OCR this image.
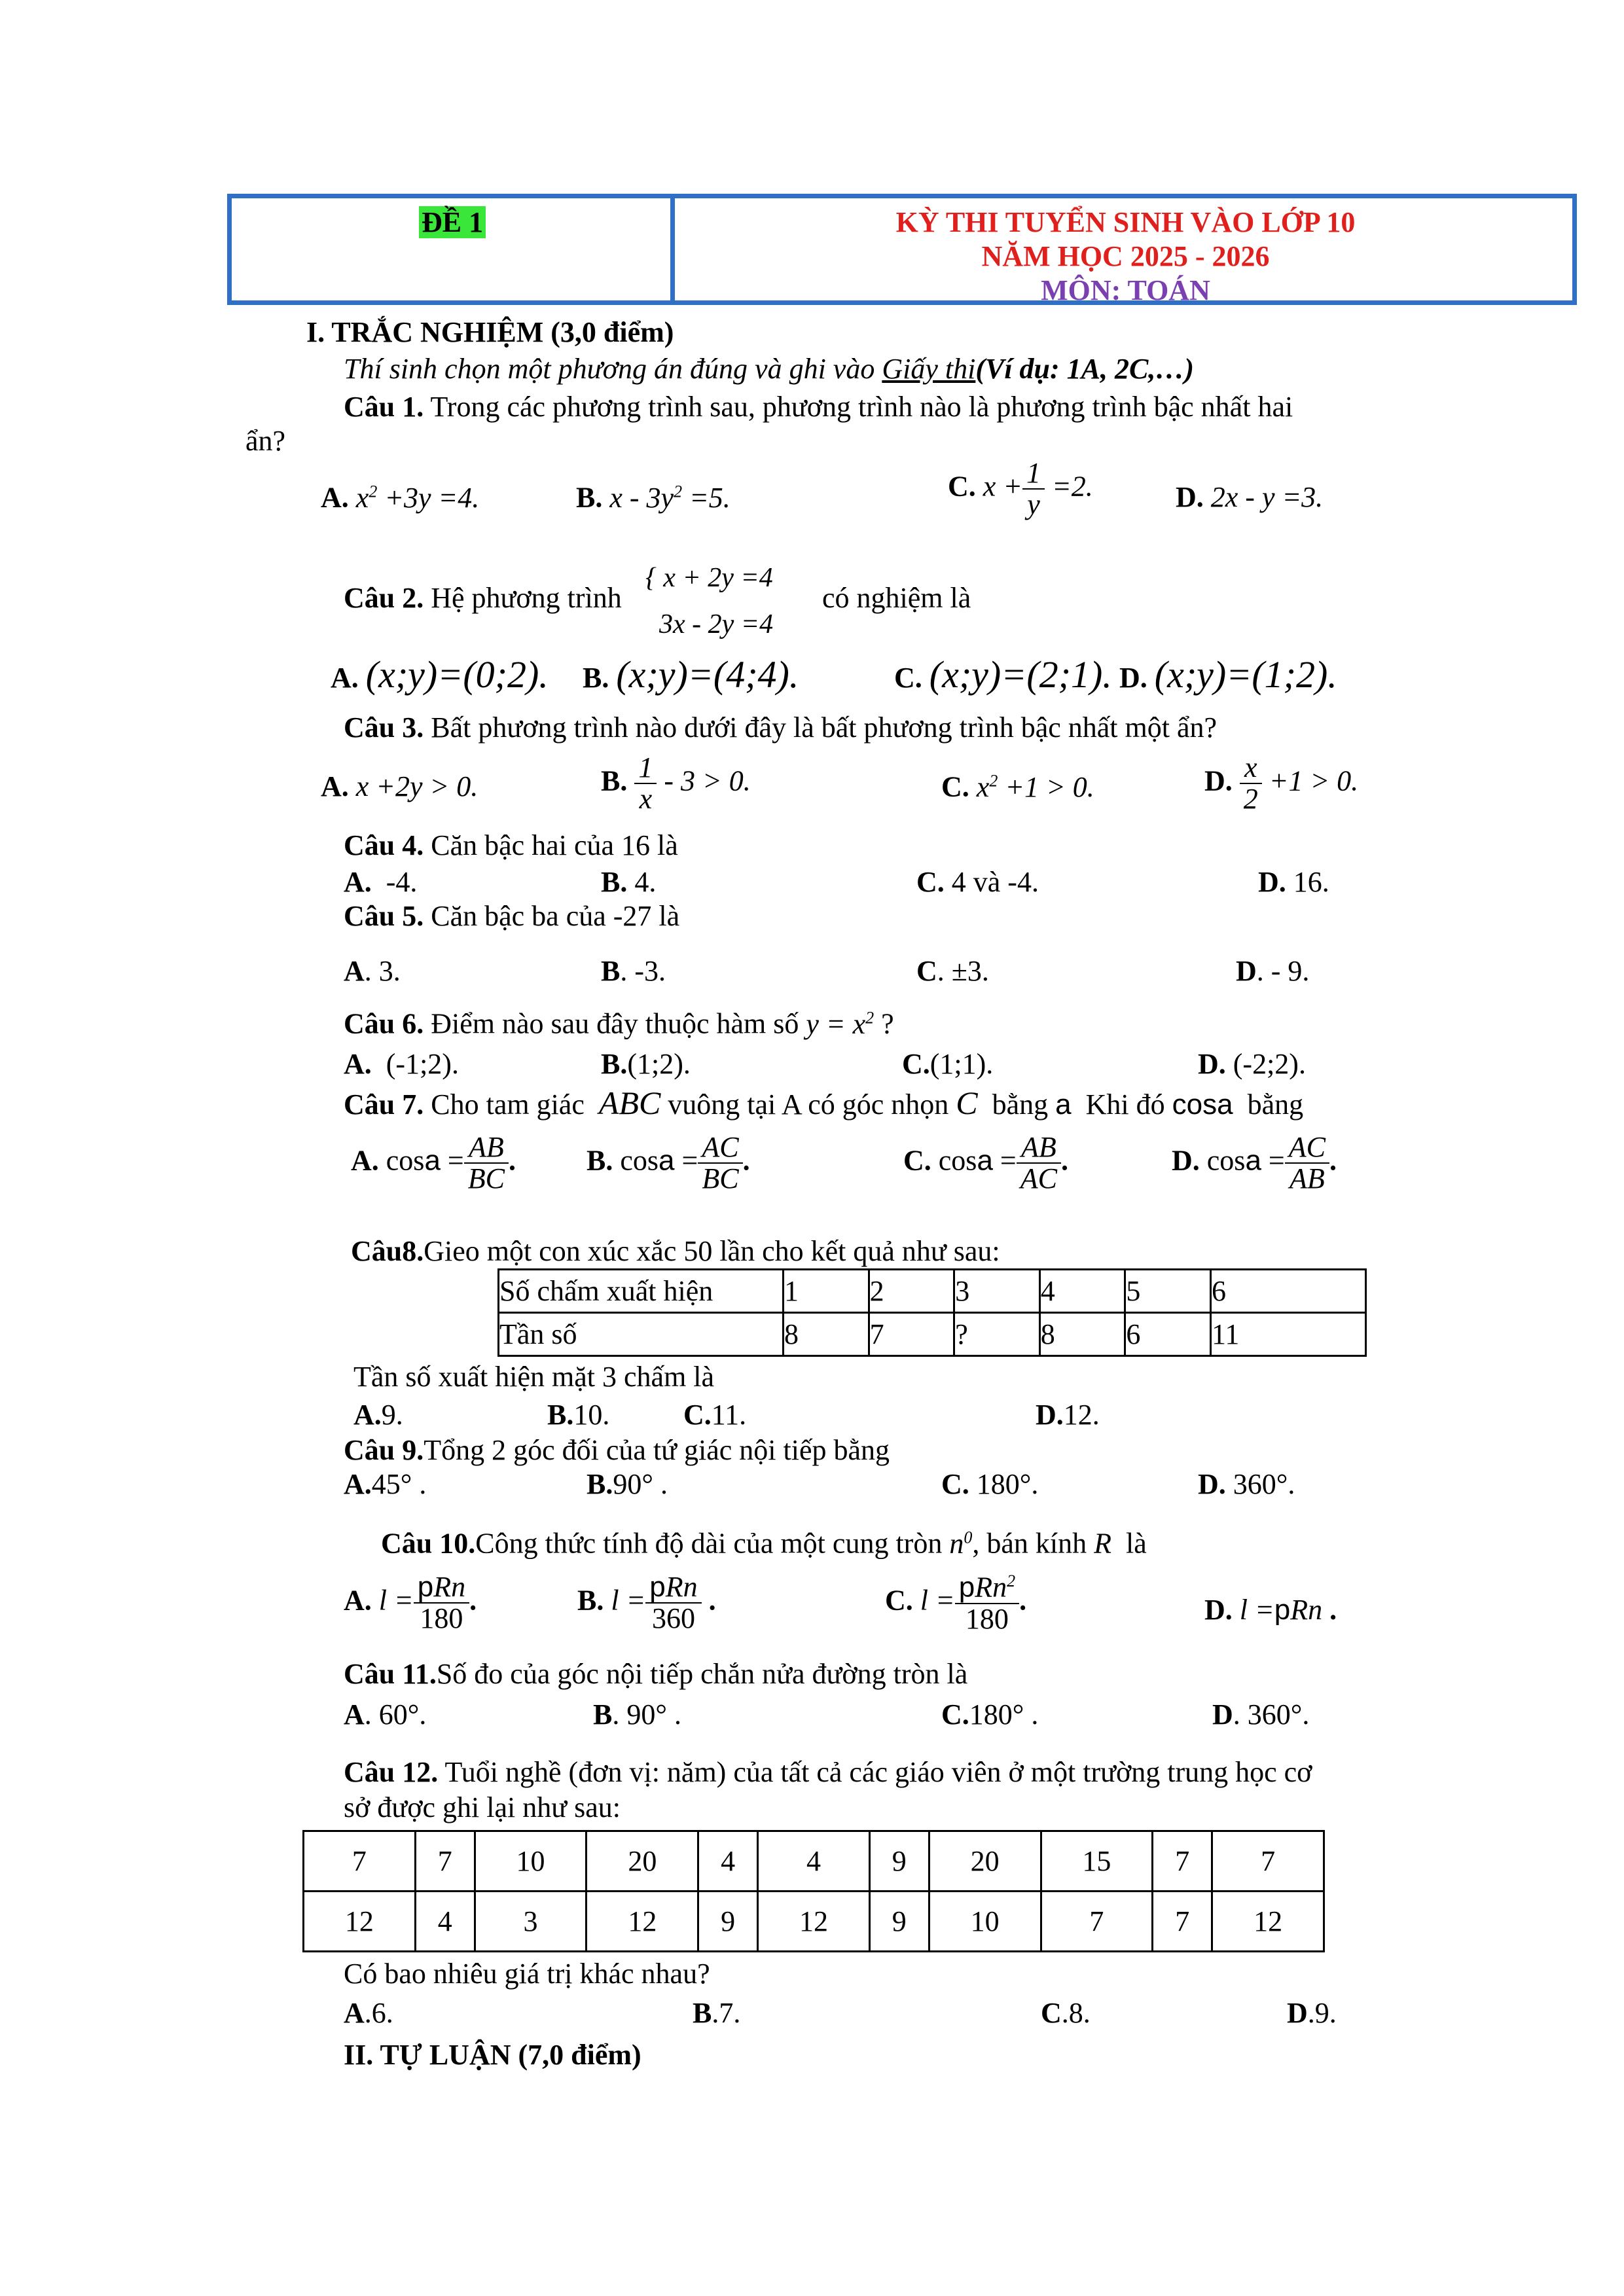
ĐỀ 1	KỲ THI TUYỂN SINH VÀO LỚP 10
NĂM HỌC 2025 - 2026
MÔN: TOÁN
I. TRẮC NGHIỆM (3,0 điểm)
Thí sinh chọn một phương án đúng và ghi vào Giấy thi(Ví dụ: 1A, 2C,…)
Câu 1. Trong các phương trình sau, phương trình nào là phương trình bậc nhất hai
ẩn?
A. $x^2 +3y =4$.	B. $x - 3y^2 =5$.	C. $x + \frac{1}{y} =2$.	D. 2x - y =3.
Câu 2. Hệ phương trình
{ x + 2y =4
3x - 2y =4
có nghiệm là
A. (x;y)=(0;2). B. (x;y)=(4;4).	C. (x;y)=(2;1). D. (x;y)=(1;2).
Câu 3. Bất phương trình nào dưới đây là bất phương trình bậc nhất một ẩn?
A. x +2y > 0.	B. $\frac{1}{x} - 3 > 0$.	C. $x^2 +1 > 0$.	D. $\frac{x}{2} +1 > 0$.
Câu 4. Căn bậc hai của 16 là
A. -4.	B. 4.	C. 4 và -4.	D. 16.
Câu 5. Căn bậc ba của -27 là
A. 3.	B. -3.	C. ±3.	D. - 9.
Câu 6. Điểm nào sau đây thuộc hàm số $y = x^2$ ?
A. (-1;2).	B.(1;2).	C.(1;1).	D. (-2;2).
Câu 7. Cho tam giác ABC vuông tại A có góc nhọn C bằng a Khi đó cosa bằng
A. $\cos a = \frac{AB}{BC}$ . B. $\cos a = \frac{AC}{BC}$ .	C. $\cos a = \frac{AB}{AC}$ .	D. $\cos a = \frac{AC}{AB}$ .
Câu8.Gieo một con xúc xắc 50 lần cho kết quả như sau:
Số chấm xuất hiện	1	2	3	4	5	6
Tần số	8	7	?	8	6	11
Tần số xuất hiện mặt 3 chấm là
A.9.	B.10.	C.11.	D.12.
Câu 9.Tổng 2 góc đối của tứ giác nội tiếp bằng
A.45° .	B.90° .	C. 180°.	D. 360°.
Câu 10.Công thức tính độ dài của một cung tròn $n^0$, bán kính R là
A. $l = \frac{\text{pRn}}{180}$ .	B. $l = \frac{\text{pRn}}{360}$ .	C. $l = \frac{pRn^2}{180}$ .	D. l =pRn .
Câu 11.Số đo của góc nội tiếp chắn nửa đường tròn là
A. 60°.	B. 90° .	C.180° .	D. 360°.
Câu 12. Tuổi nghề (đơn vị: năm) của tất cả các giáo viên ở một trường trung học cơ
sở được ghi lại như sau:
7	7	10	20	4	4	9	20	15	7	7
12	4	3	12	9	12	9	10	7	7	12
Có bao nhiêu giá trị khác nhau?
A.6.	B.7.	C.8.	D.9.
II. TỰ LUẬN (7,0 điểm)
